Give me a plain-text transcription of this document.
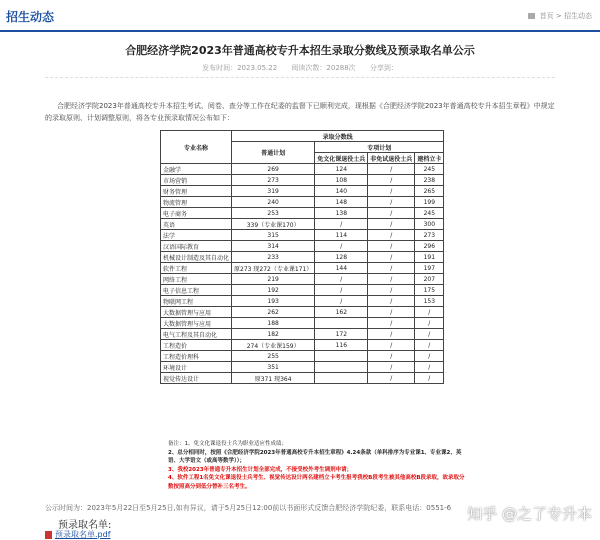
招生动态	首页 > 招生动态
合肥经济学院2023年普通高校专升本招生录取分数线及预录取名单公示
发布时间：2023.05.22 阅读次数：20288次 分享到：
合肥经济学院2023年普通高校专升本招生考试、阅卷、查分等工作在纪委的监督下已顺利完成，现根据《合肥经济学院2023年普通高校专升本招生章程》中规定的录取原则、计划调整原则，将各专业预录取情况公布如下：
专业名称	录取分数线			
	普通计划	专项计划		
		免文化课退役士兵	非免试退役士兵	建档立卡
金融学	269	124	/	245
市场营销	273	108	/	238
财务管理	319	140	/	265
物流管理	240	148	/	199
电子商务	253	138	/	245
英语	339（专业课170）	/	/	300
法学	315	114	/	273
汉语国际教育	314	/	/	296
机械设计制造及其自动化	233	128	/	191
软件工程	原273 现272（专业课171）	144	/	197
网络工程	219	/	/	207
电子信息工程	192	/	/	175
物联网工程	193	/	/	153
大数据管理与应用	262	162	/	/
大数据管理与应用	188		/	/
电气工程及其自动化	182	172	/	/
工程造价	274（专业课159）	116	/	/
工程造价理科	255		/	/
环境设计	351		/	/
视觉传达设计	原371 现364		/	/
备注：1、免文化课退役士兵为职业适应性成绩；
2、总分相同时，按照《合肥经济学院2023年普通高校专升本招生章程》4.24条款（单科排序为专业课1、专业课2、英语、大学语文（或高等数学））；
3、我校2023年普通专升本招生计划全部完成，不接受校外考生调剂申请；
4、软件工程1名免文化课退役士兵考生、视觉传达设计两名建档立卡考生报考我校B段考生被其他高校B段录取，故录取分数按照高分到低分替补三名考生。
公示时间为：2023年5月22日至5月25日,如有异议，请于5月25日12:00前以书面形式反馈合肥经济学院纪委，联系电话：0551-6
预录取名单:
预录取名单.pdf
知乎 @之了专升本
